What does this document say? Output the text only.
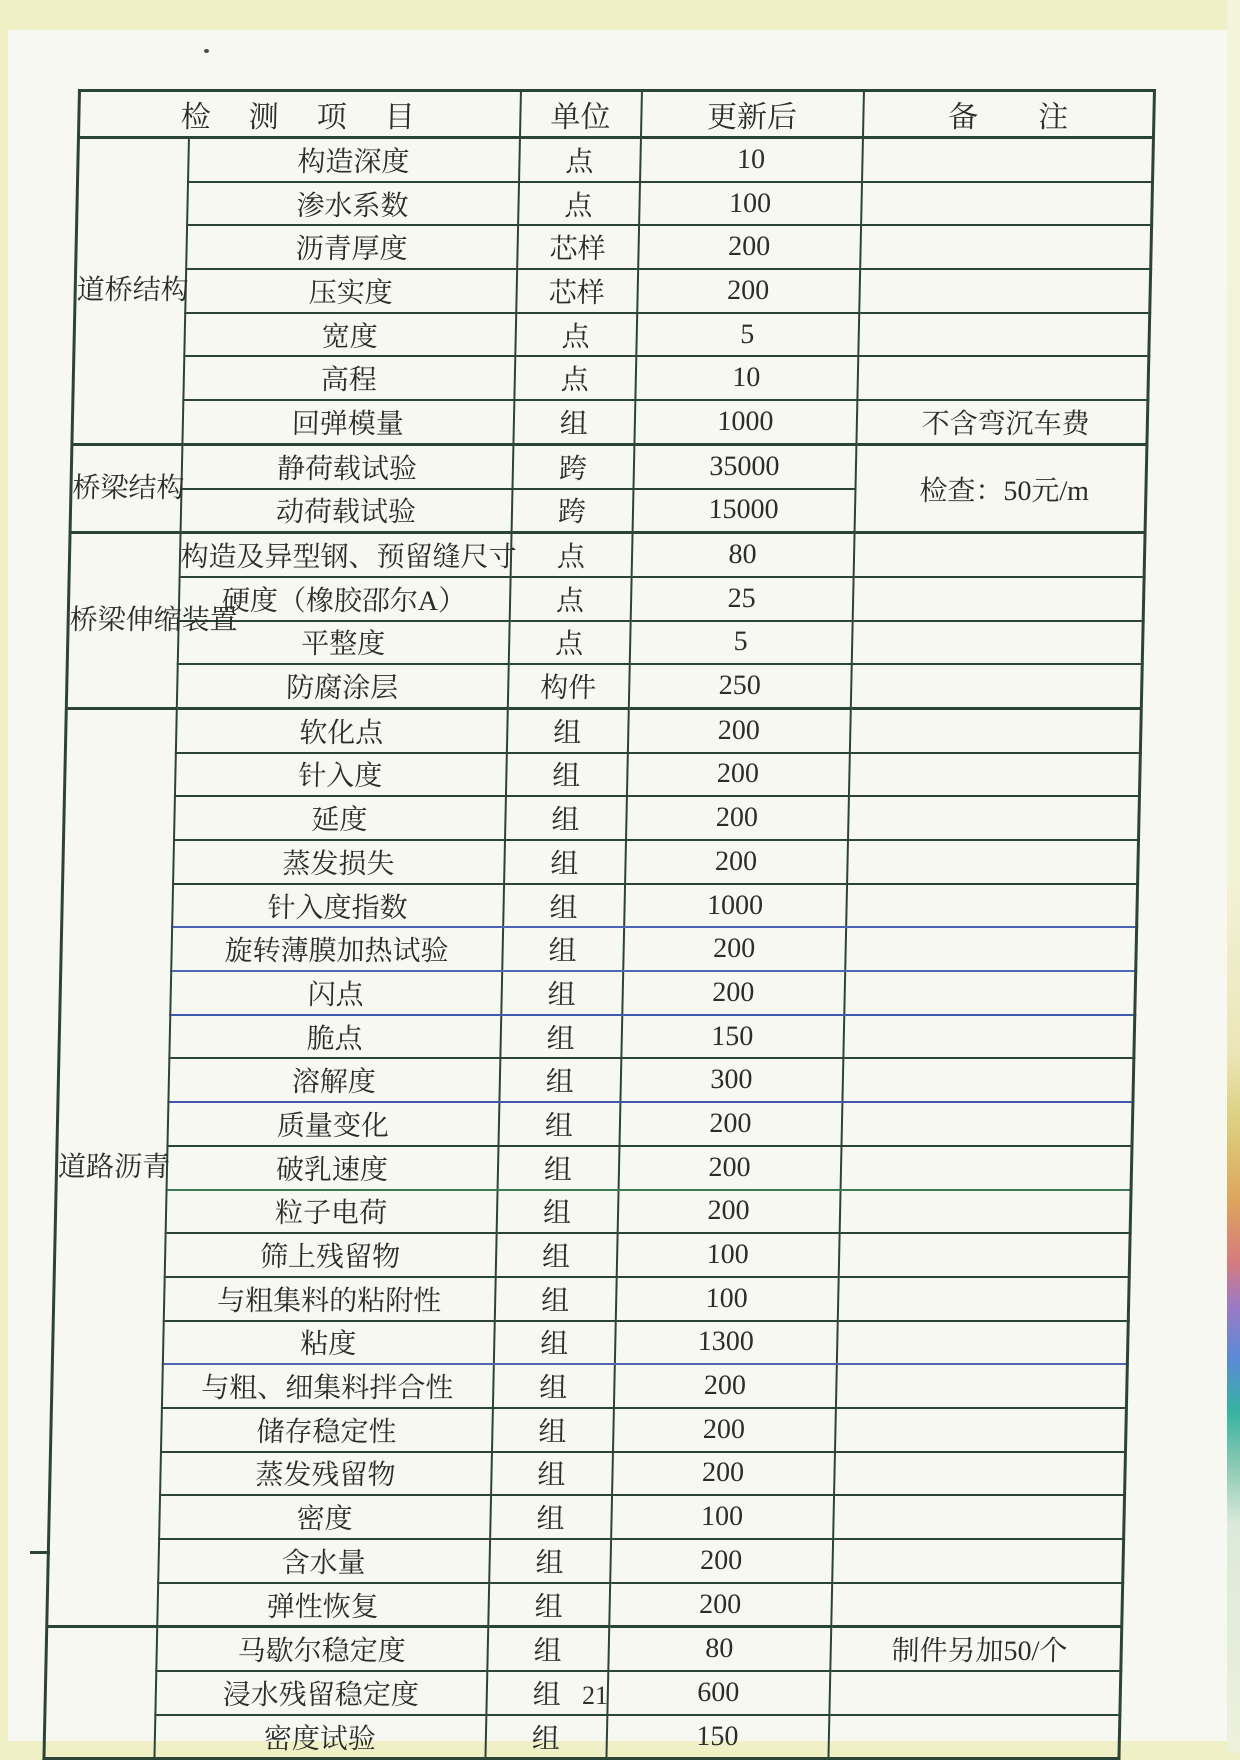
检　测　项　目		单位	更新后	备　　注
道桥结构	构造深度	点	10	
	渗水系数	点	100	
	沥青厚度	芯样	200	
	压实度	芯样	200	
	宽度	点	5	
	高程	点	10	
	回弹模量	组	1000	不含弯沉车费
桥梁结构	静荷载试验	跨	35000	检查：50元/m
	动荷载试验	跨	15000	
桥梁伸缩装置	构造及异型钢、预留缝尺寸	点	80	
	硬度（橡胶邵尔A）	点	25	
	平整度	点	5	
	防腐涂层	构件	250	
道路沥青	软化点	组	200	
	针入度	组	200	
	延度	组	200	
	蒸发损失	组	200	
	针入度指数	组	1000	
	旋转薄膜加热试验	组	200	
	闪点	组	200	
	脆点	组	150	
	溶解度	组	300	
	质量变化	组	200	
	破乳速度	组	200	
	粒子电荷	组	200	
	筛上残留物	组	100	
	与粗集料的粘附性	组	100	
	粘度	组	1300	
	与粗、细集料拌合性	组	200	
	储存稳定性	组	200	
	蒸发残留物	组	200	
	密度	组	100	
	含水量	组	200	
	弹性恢复	组	200	
	马歇尔稳定度	组	80	制件另加50/个
	浸水残留稳定度	组	600	
	密度试验	组	150	
21
